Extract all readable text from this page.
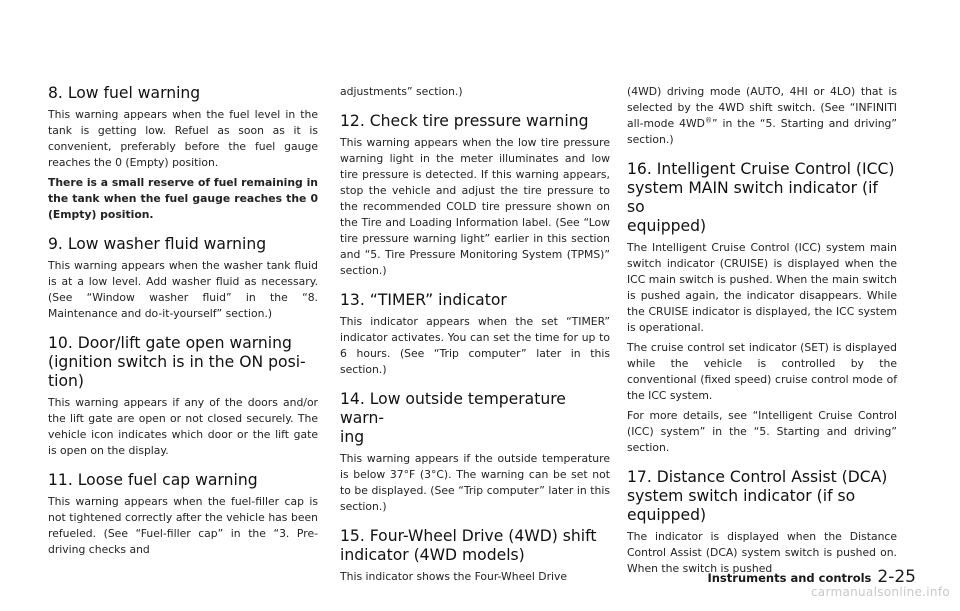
8. Low fuel warning

This warning appears when the fuel level in the tank is getting low. Refuel as soon as it is convenient, preferably before the fuel gauge reaches the 0 (Empty) position.

There is a small reserve of fuel remaining in the tank when the fuel gauge reaches the 0 (Empty) position.

9. Low washer fluid warning

This warning appears when the washer tank fluid is at a low level. Add washer fluid as necessary. (See “Window washer fluid” in the “8. Maintenance and do-it-yourself” section.)

10. Door/lift gate open warning (ignition switch is in the ON posi-
tion)

This warning appears if any of the doors and/or the lift gate are open or not closed securely. The vehicle icon indicates which door or the lift gate is open on the display.

11. Loose fuel cap warning

This warning appears when the fuel-filler cap is not tightened correctly after the vehicle has been refueled. (See “Fuel-filler cap” in the “3. Pre-driving checks and

adjustments” section.)

12. Check tire pressure warning

This warning appears when the low tire pressure warning light in the meter illuminates and low tire pressure is detected. If this warning appears, stop the vehicle and adjust the tire pressure to the recommended COLD tire pressure shown on the Tire and Loading Information label. (See “Low tire pressure warning light” earlier in this section and “5. Tire Pressure Monitoring System (TPMS)” section.)

13. “TIMER” indicator

This indicator appears when the set “TIMER” indicator activates. You can set the time for up to 6 hours. (See “Trip computer” later in this section.)

14. Low outside temperature warn-
ing

This warning appears if the outside temperature is below 37°F (3°C). The warning can be set not to be displayed. (See “Trip computer” later in this section.)

15. Four-Wheel Drive (4WD) shift
indicator (4WD models)

This indicator shows the Four-Wheel Drive

(4WD) driving mode (AUTO, 4HI or 4LO) that is selected by the 4WD shift switch. (See “INFINITI all-mode 4WD®” in the “5. Starting and driving” section.)

16. Intelligent Cruise Control (ICC)
system MAIN switch indicator (if so
equipped)

The Intelligent Cruise Control (ICC) system main switch indicator (CRUISE) is displayed when the ICC main switch is pushed. When the main switch is pushed again, the indicator disappears. While the CRUISE indicator is displayed, the ICC system is operational.

The cruise control set indicator (SET) is displayed while the vehicle is controlled by the conventional (fixed speed) cruise control mode of the ICC system.

For more details, see “Intelligent Cruise Control (ICC) system” in the “5. Starting and driving” section.

17. Distance Control Assist (DCA)
system switch indicator (if so
equipped)

The indicator is displayed when the Distance Control Assist (DCA) system switch is pushed on. When the switch is pushed

Instruments and controls 2-25
carmanualsonline.info
